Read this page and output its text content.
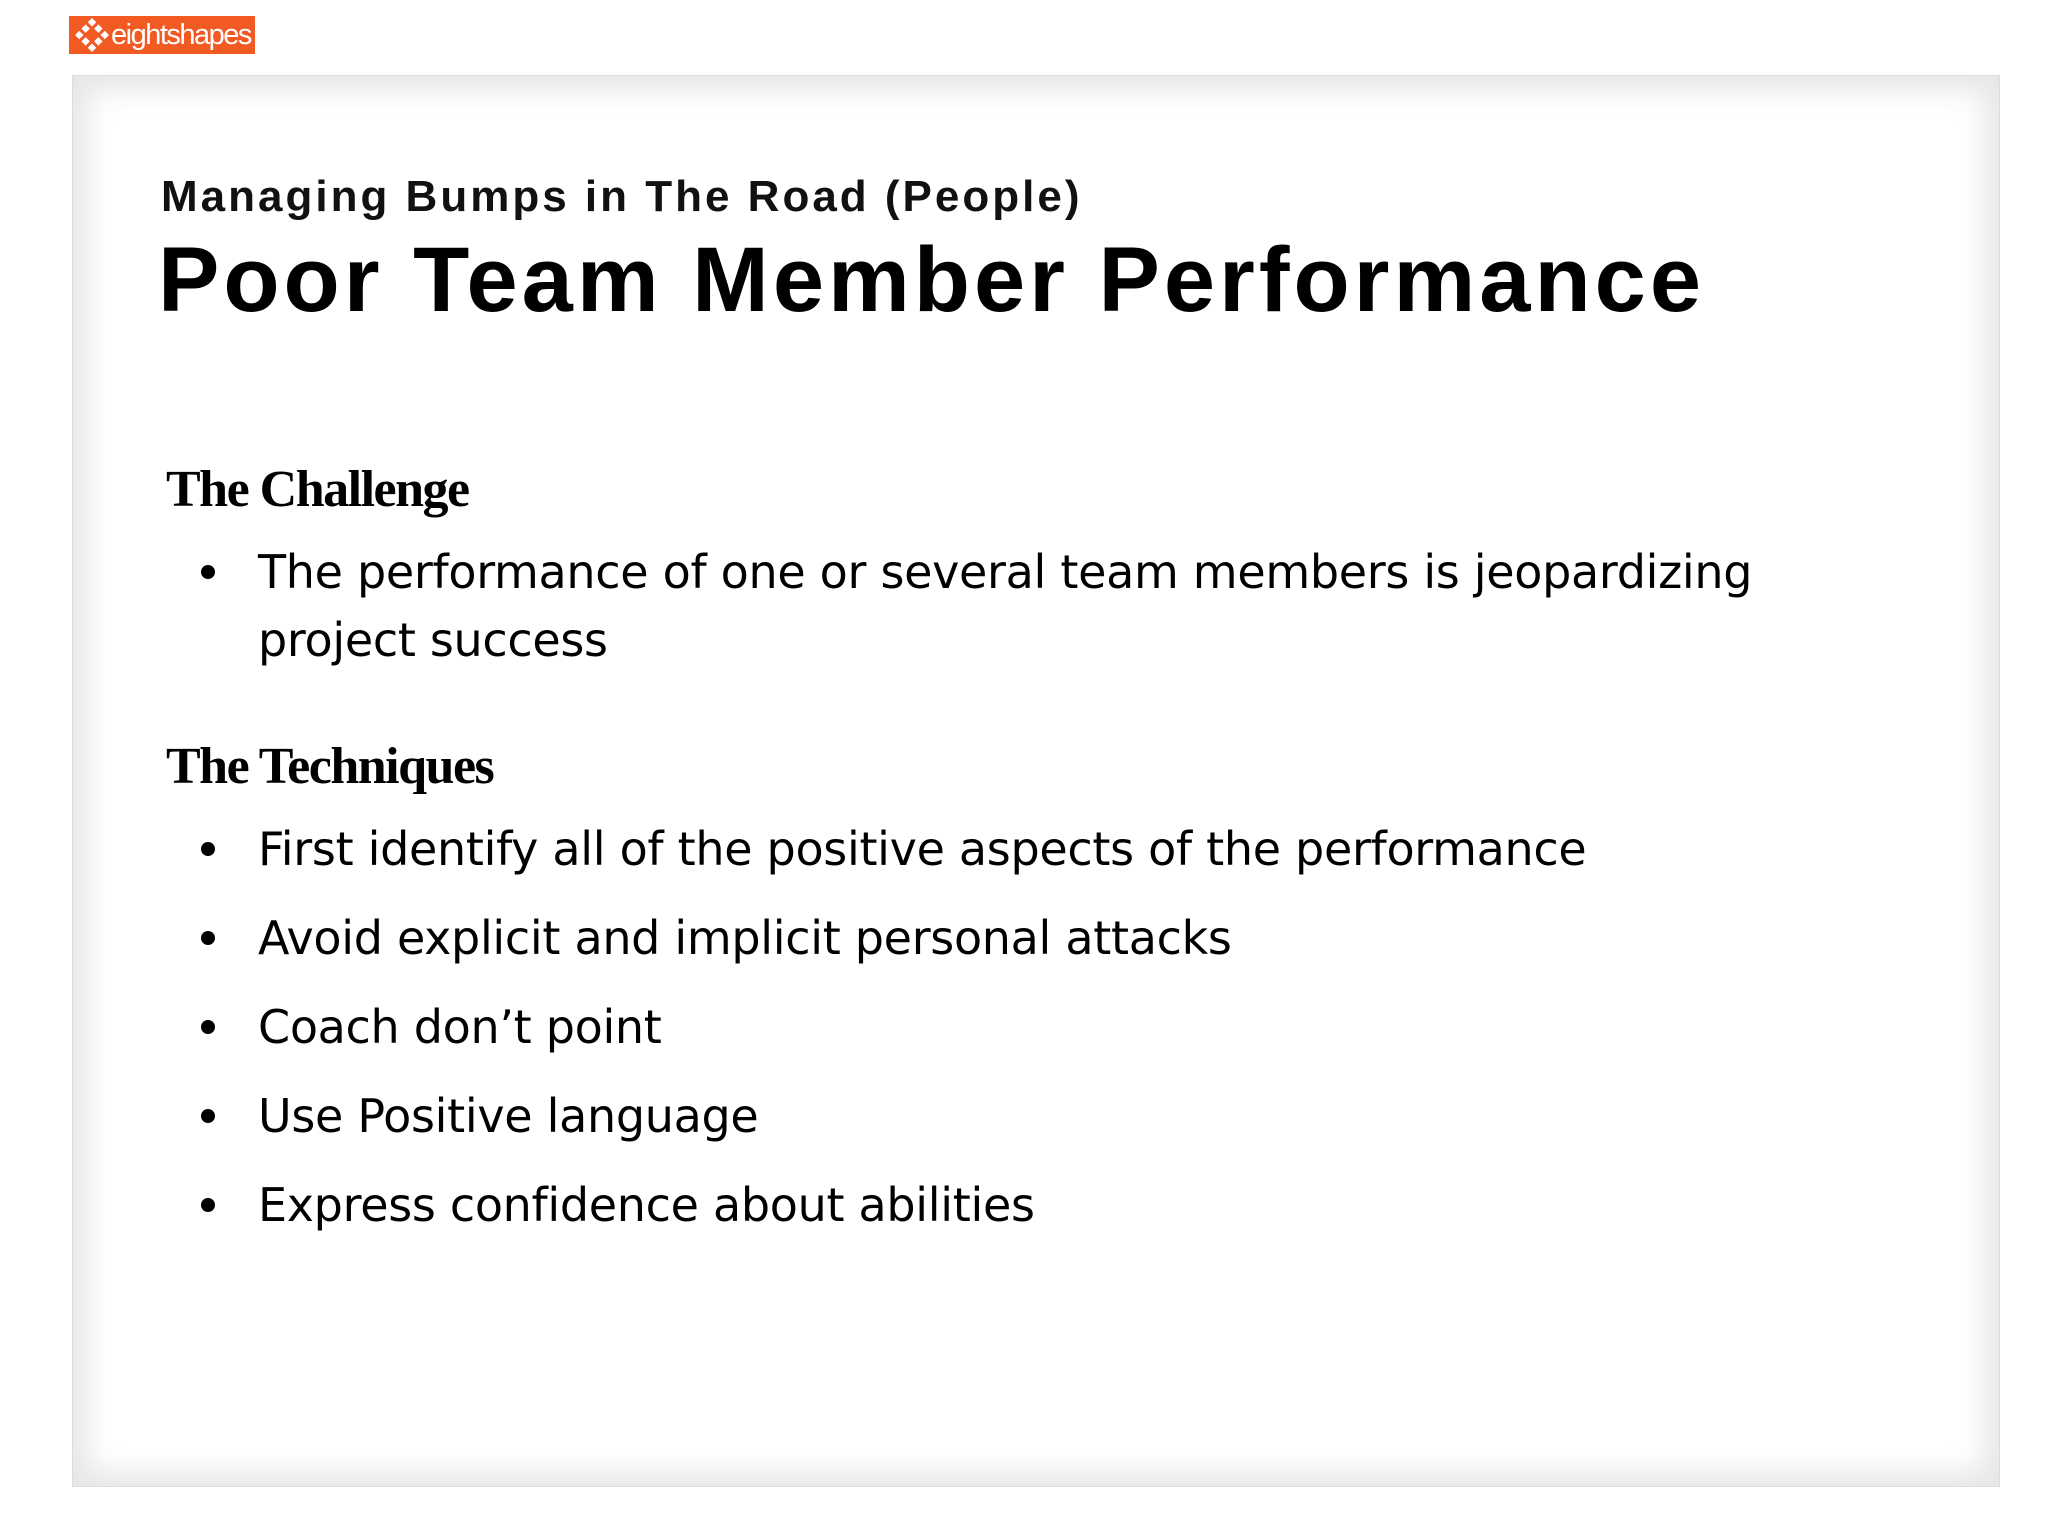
eightshapes
Managing Bumps in The Road (People)
Poor Team Member Performance
The Challenge
The performance of one or several team members is jeopardizing project success
The Techniques
First identify all of the positive aspects of the performance
Avoid explicit and implicit personal attacks
Coach don’t point
Use Positive language
Express confidence about abilities
